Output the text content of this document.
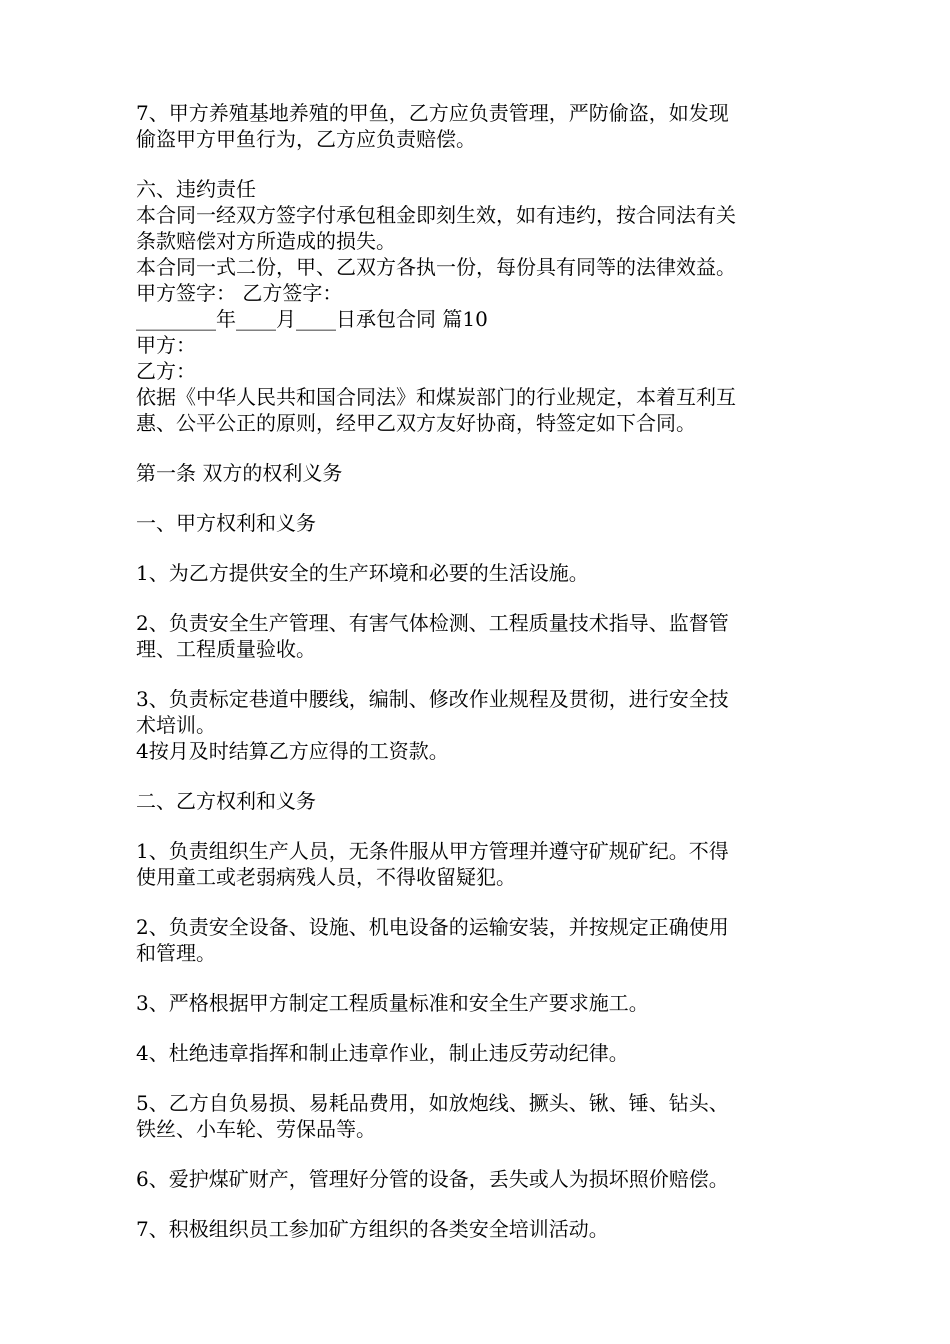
7、甲方养殖基地养殖的甲鱼，乙方应负责管理，严防偷盗，如发现
偷盗甲方甲鱼行为，乙方应负责赔偿。
六、违约责任
本合同一经双方签字付承包租金即刻生效，如有违约，按合同法有关
条款赔偿对方所造成的损失。
本合同一式二份，甲、乙双方各执一份，每份具有同等的法律效益。
甲方签字： 乙方签字：
________年____月____日承包合同 篇10
甲方：
乙方：
依据《中华人民共和国合同法》和煤炭部门的行业规定，本着互利互
惠、公平公正的原则，经甲乙双方友好协商，特签定如下合同。
第一条 双方的权利义务
一、甲方权利和义务
1、为乙方提供安全的生产环境和必要的生活设施。
2、负责安全生产管理、有害气体检测、工程质量技术指导、监督管
理、工程质量验收。
3、负责标定巷道中腰线，编制、修改作业规程及贯彻，进行安全技
术培训。
4按月及时结算乙方应得的工资款。
二、乙方权利和义务
1、负责组织生产人员，无条件服从甲方管理并遵守矿规矿纪。不得
使用童工或老弱病残人员，不得收留疑犯。
2、负责安全设备、设施、机电设备的运输安装，并按规定正确使用
和管理。
3、严格根据甲方制定工程质量标准和安全生产要求施工。
4、杜绝违章指挥和制止违章作业，制止违反劳动纪律。
5、乙方自负易损、易耗品费用，如放炮线、撅头、锹、锤、钻头、
铁丝、小车轮、劳保品等。
6、爱护煤矿财产，管理好分管的设备，丢失或人为损坏照价赔偿。
7、积极组织员工参加矿方组织的各类安全培训活动。
